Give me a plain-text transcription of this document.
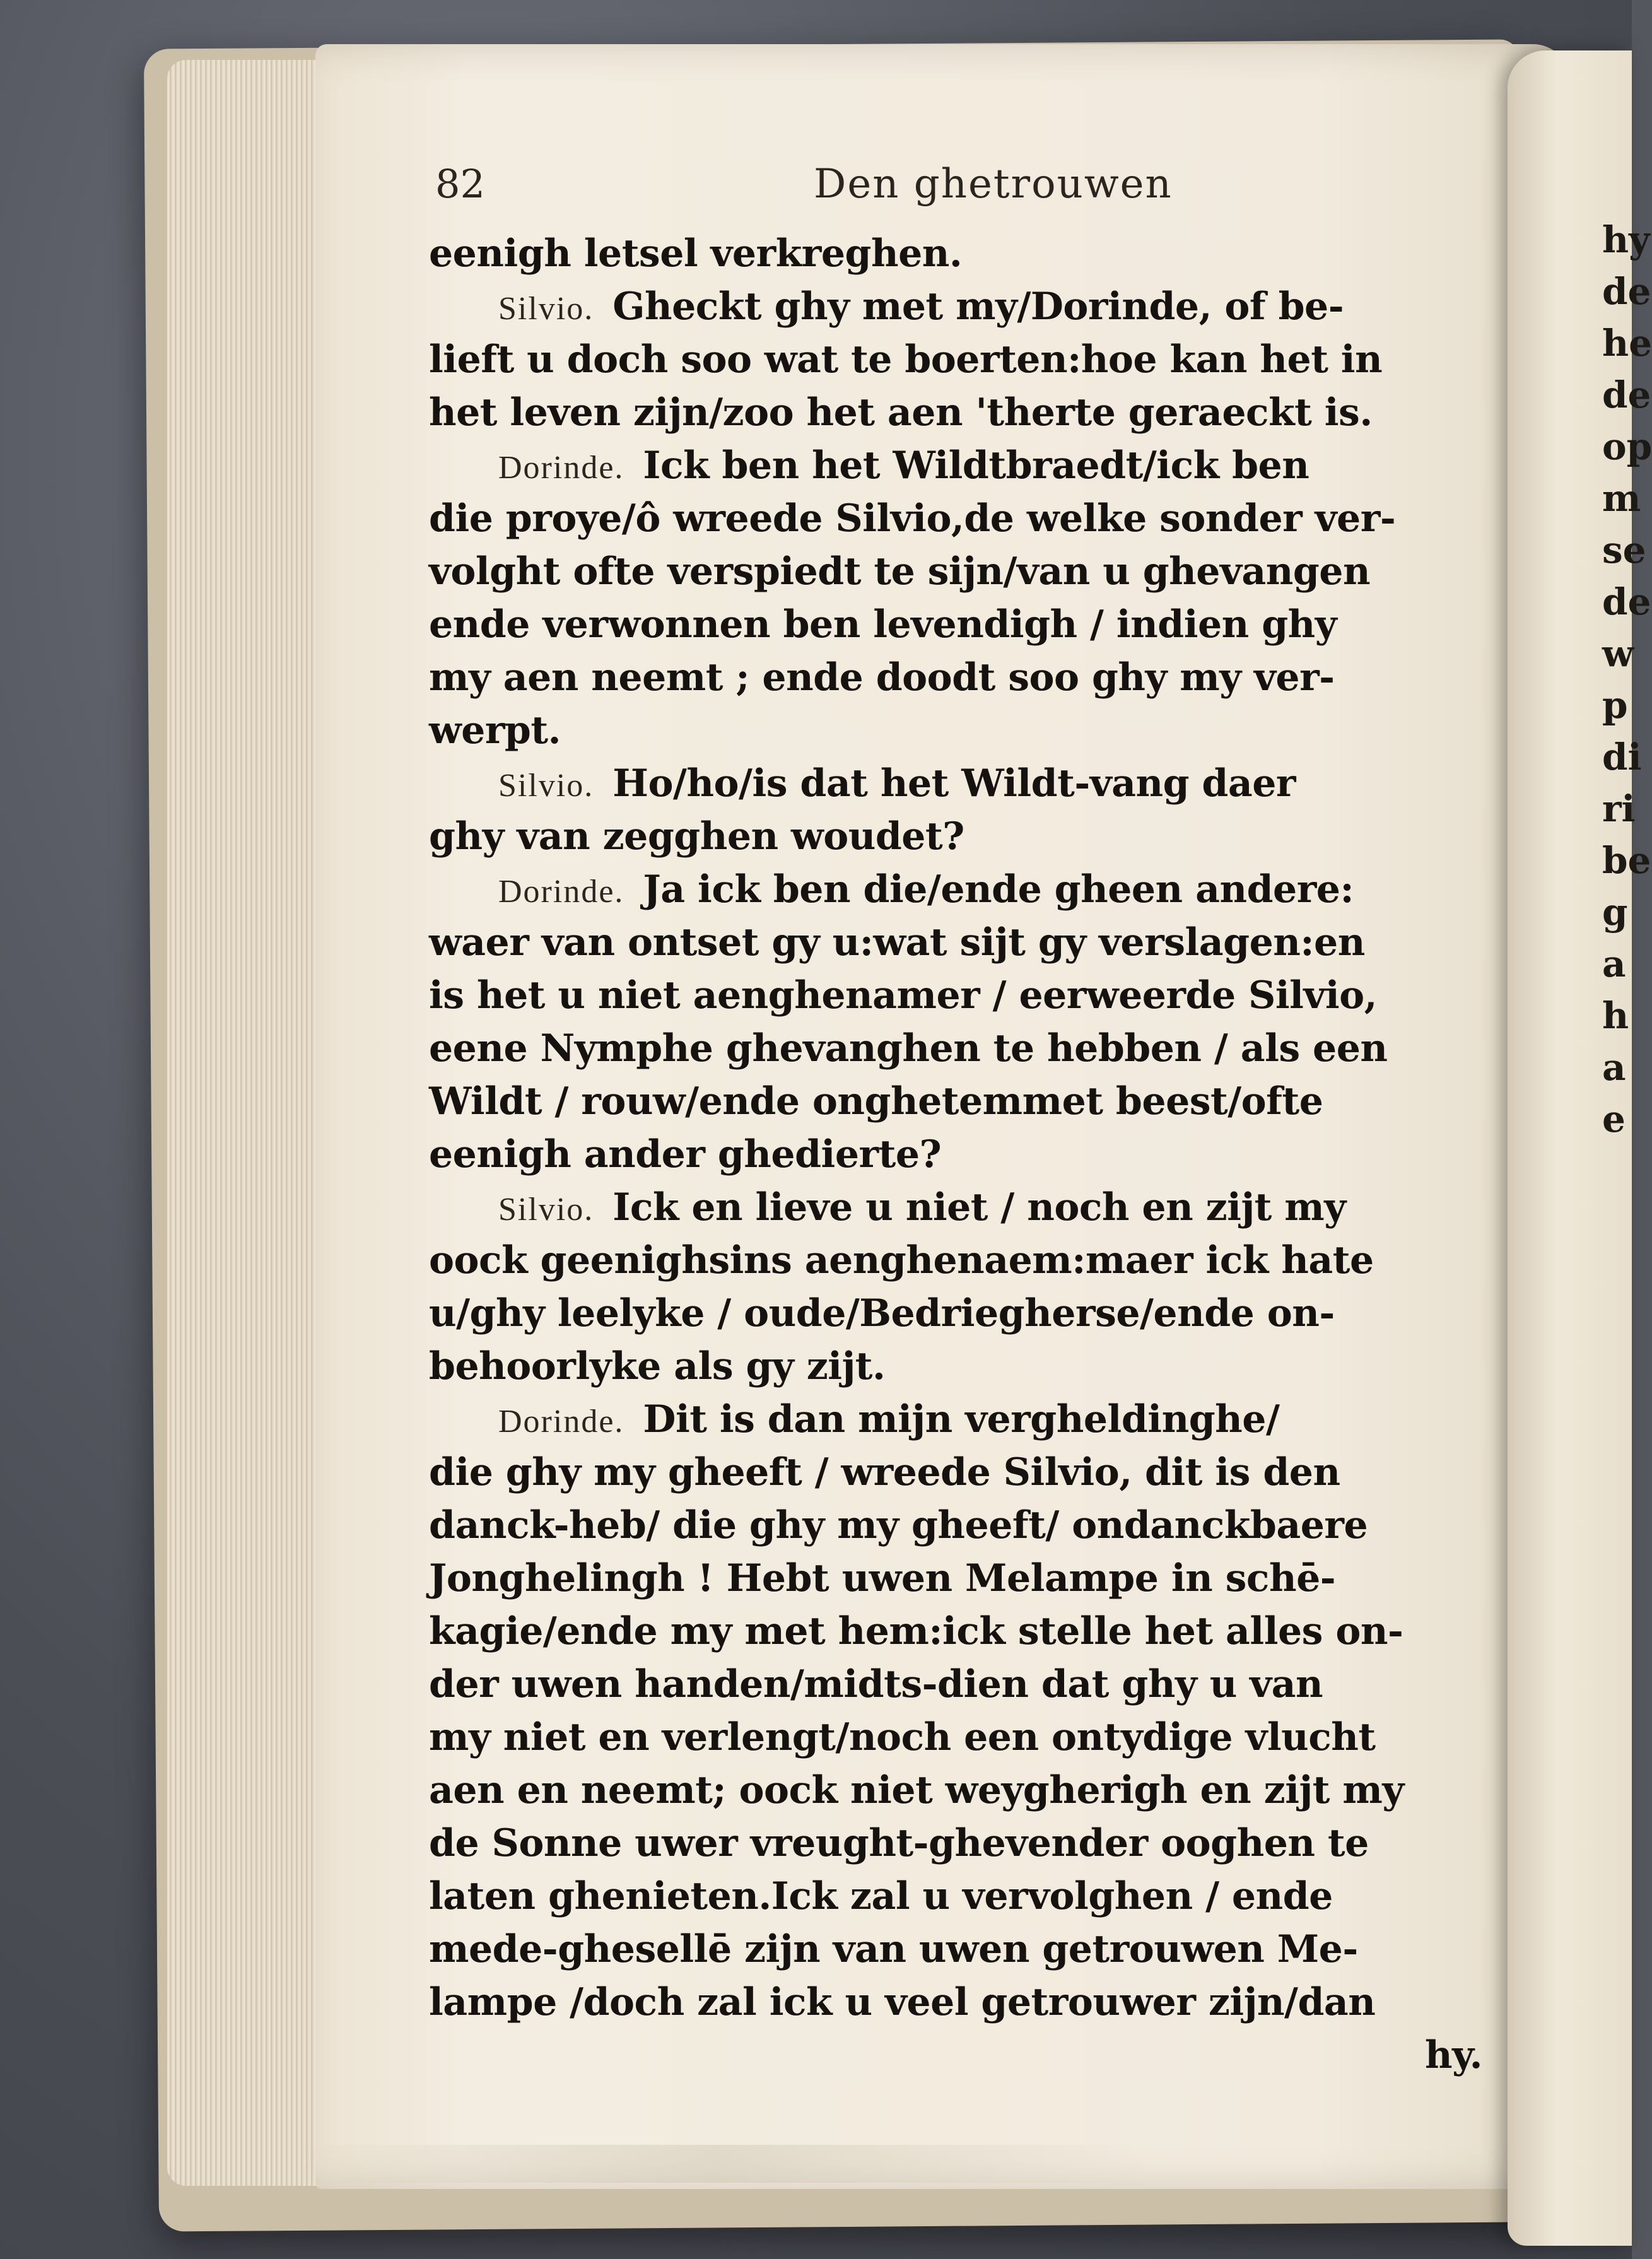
hy
de
he
de
op
m
se
de
w
p
di
ri
be
g
a
h
a
e
82	Den ghetrouwen
eenigh letsel verkreghen.
Silvio. Gheckt ghy met my/Dorinde, of be-
lieft u doch soo wat te boerten:hoe kan het in
het leven zijn/zoo het aen 'therte geraeckt is.
Dorinde. Ick ben het Wildtbraedt/ick ben
die proye/ô wreede Silvio,de welke sonder ver-
volght ofte verspiedt te sijn/van u ghevangen
ende verwonnen ben levendigh / indien ghy
my aen neemt ; ende doodt soo ghy my ver-
werpt.
Silvio. Ho/ho/is dat het Wildt-vang daer
ghy van zegghen woudet?
Dorinde. Ja ick ben die/ende gheen andere:
waer van ontset gy u:wat sijt gy verslagen:en
is het u niet aenghenamer / eerweerde Silvio,
eene Nymphe ghevanghen te hebben / als een
Wildt / rouw/ende onghetemmet beest/ofte
eenigh ander ghedierte?
Silvio. Ick en lieve u niet / noch en zijt my
oock geenighsins aenghenaem:maer ick hate
u/ghy leelyke / oude/Bedriegherse/ende on-
behoorlyke als gy zijt.
Dorinde. Dit is dan mijn vergheldinghe/
die ghy my gheeft / wreede Silvio, dit is den
danck-heb/ die ghy my gheeft/ ondanckbaere
Jonghelingh ! Hebt uwen Melampe in schē-
kagie/ende my met hem:ick stelle het alles on-
der uwen handen/midts-dien dat ghy u van
my niet en verlengt/noch een ontydige vlucht
aen en neemt; oock niet weygherigh en zijt my
de Sonne uwer vreught-ghevender ooghen te
laten ghenieten.Ick zal u vervolghen / ende
mede-ghesellē zijn van uwen getrouwen Me-
lampe /doch zal ick u veel getrouwer zijn/dan
hy.
